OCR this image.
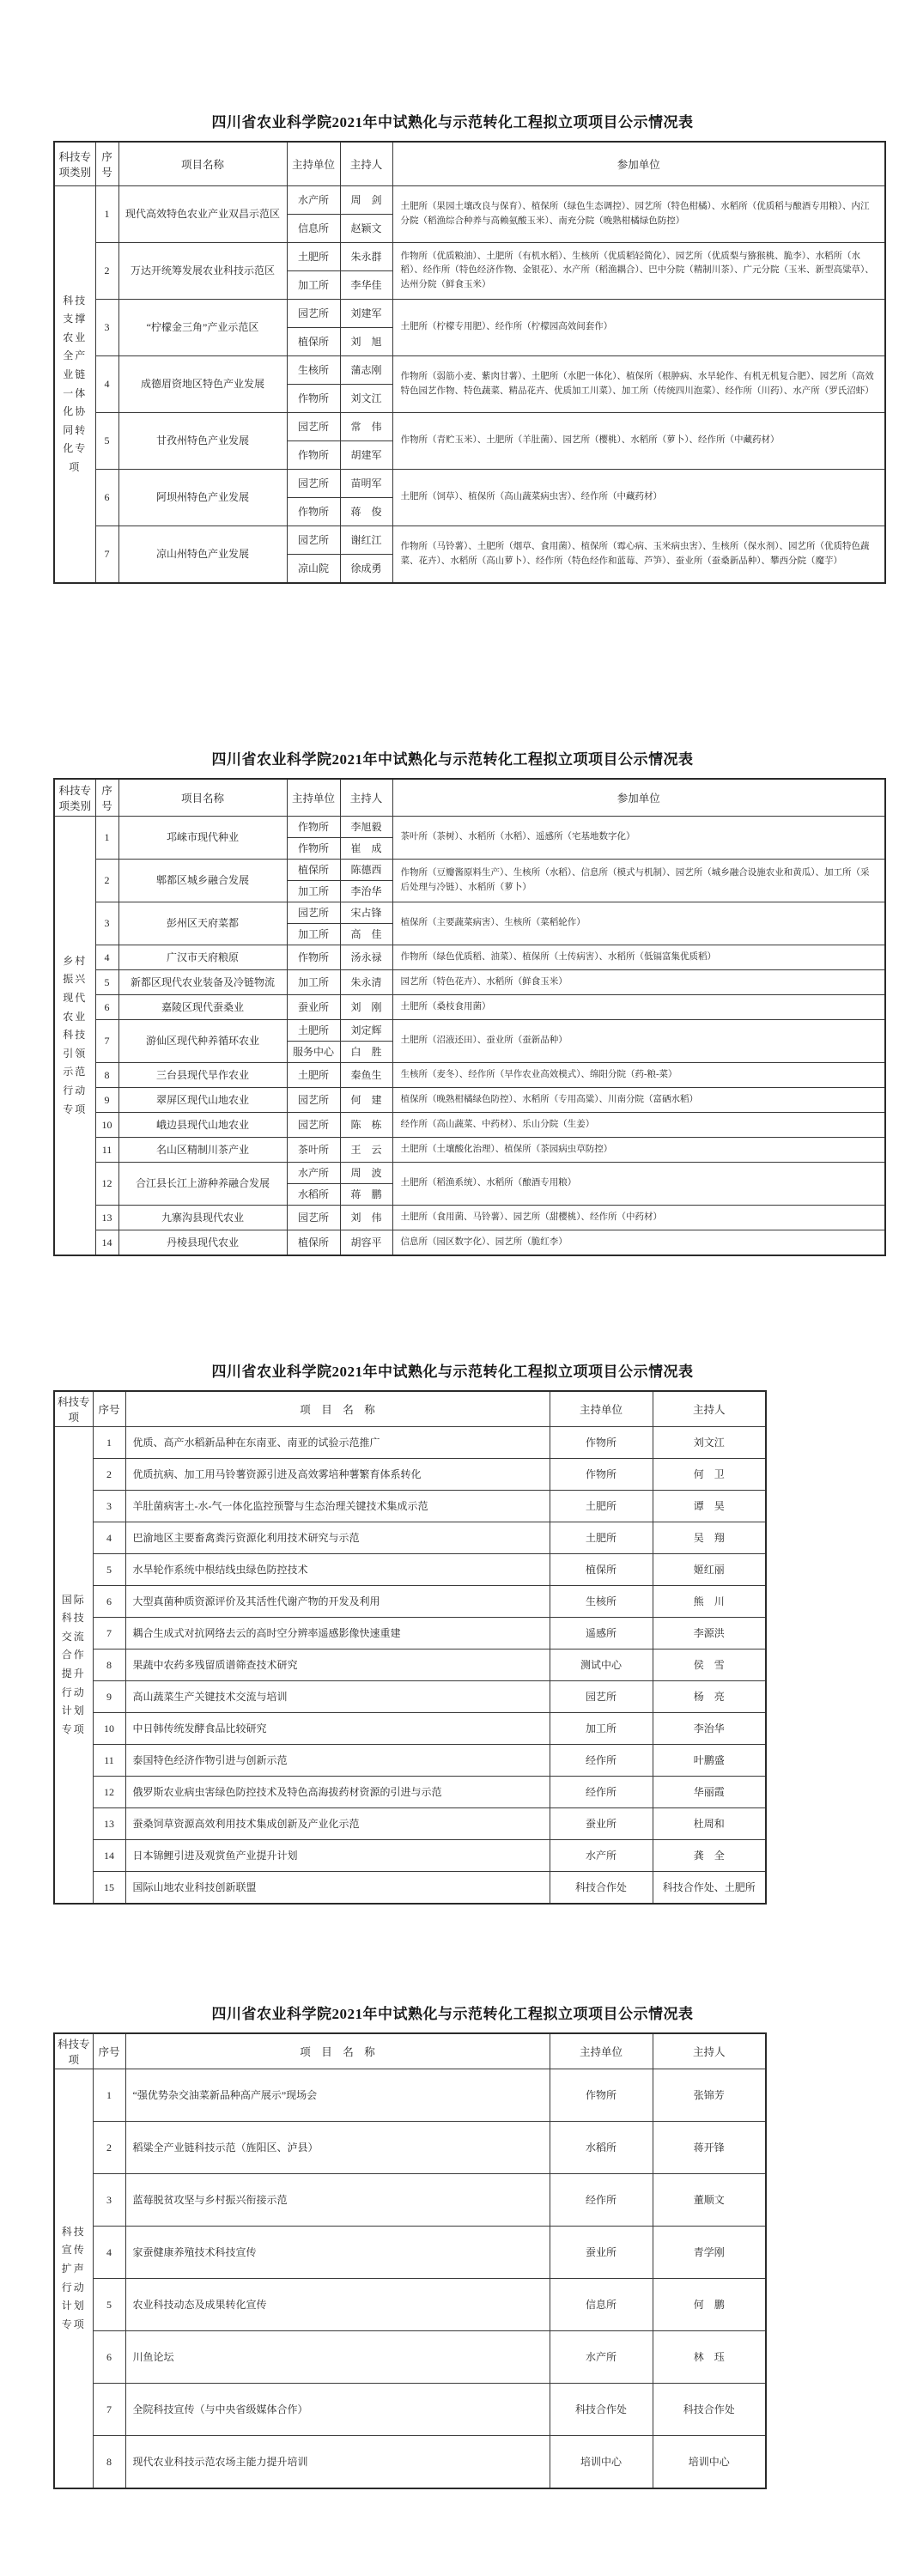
四川省农业科学院2021年中试熟化与示范转化工程拟立项项目公示情况表
科技专项类别	序号	项目名称	主持单位	主持人	参加单位
科技支撑农业全产业链一体化协同转化专项	1	现代高效特色农业产业双昌示范区	水产所	周　剑	土肥所（果园土壤改良与保育）、植保所（绿色生态调控）、园艺所（特色柑橘）、水稻所（优质稻与酿酒专用粮）、内江分院（稻渔综合种养与高赖氨酸玉米）、南充分院（晚熟柑橘绿色防控）
			信息所	赵颖文	
	2	万达开统筹发展农业科技示范区	土肥所	朱永群	作物所（优质粮油）、土肥所（有机水稻）、生核所（优质稻轻简化）、园艺所（优质梨与猕猴桃、脆李）、水稻所（水稻）、经作所（特色经济作物、金银花）、水产所（稻渔耦合）、巴中分院（精制川茶）、广元分院（玉米、新型高粱草）、达州分院（鲜食玉米）
			加工所	李华佳	
	3	“柠檬金三角”产业示范区	园艺所	刘建军	土肥所（柠檬专用肥）、经作所（柠檬园高效间套作）
			植保所	刘　旭	
	4	成德眉资地区特色产业发展	生核所	蒲志刚	作物所（弱筋小麦、紫肉甘薯）、土肥所（水肥一体化）、植保所（根肿病、水旱轮作、有机无机复合肥）、园艺所（高效特色园艺作物、特色蔬菜、精品花卉、优质加工川菜）、加工所（传统四川泡菜）、经作所（川药）、水产所（罗氏沼虾）
			作物所	刘文江	
	5	甘孜州特色产业发展	园艺所	常　伟	作物所（青贮玉米）、土肥所（羊肚菌）、园艺所（樱桃）、水稻所（萝卜）、经作所（中藏药材）
			作物所	胡建军	
	6	阿坝州特色产业发展	园艺所	苗明军	土肥所（饲草）、植保所（高山蔬菜病虫害）、经作所（中藏药材）
			作物所	蒋　俊	
	7	凉山州特色产业发展	园艺所	谢红江	作物所（马铃薯）、土肥所（烟草、食用菌）、植保所（霉心病、玉米病虫害）、生核所（保水剂）、园艺所（优质特色蔬菜、花卉）、水稻所（高山萝卜）、经作所（特色经作和蓝莓、芦笋）、蚕业所（蚕桑新品种）、攀西分院（魔芋）
			凉山院	徐成勇	
四川省农业科学院2021年中试熟化与示范转化工程拟立项项目公示情况表
科技专项类别	序号	项目名称	主持单位	主持人	参加单位
乡村振兴现代农业科技引领示范行动专项	1	邛崃市现代种业	作物所	李旭毅	茶叶所（茶树）、水稻所（水稻）、遥感所（宅基地数字化）
			作物所	崔　成	
	2	郫都区城乡融合发展	植保所	陈德西	作物所（豆瓣酱原料生产）、生核所（水稻）、信息所（模式与机制）、园艺所（城乡融合设施农业和黄瓜）、加工所（采后处理与冷链）、水稻所（萝卜）
			加工所	李治华	
	3	彭州区天府菜都	园艺所	宋占锋	植保所（主要蔬菜病害）、生核所（菜稻轮作）
			加工所	高　佳	
	4	广汉市天府粮原	作物所	汤永禄	作物所（绿色优质稻、油菜）、植保所（土传病害）、水稻所（低镉富集优质稻）
	5	新都区现代农业装备及冷链物流	加工所	朱永清	园艺所（特色花卉）、水稻所（鲜食玉米）
	6	嘉陵区现代蚕桑业	蚕业所	刘　刚	土肥所（桑枝食用菌）
	7	游仙区现代种养循环农业	土肥所	刘定辉	土肥所（沼液还田）、蚕业所（蚕新品种）
			服务中心	白　胜	
	8	三台县现代旱作农业	土肥所	秦鱼生	生核所（麦冬）、经作所（旱作农业高效模式）、绵阳分院（药-粮-菜）
	9	翠屏区现代山地农业	园艺所	何　建	植保所（晚熟柑橘绿色防控）、水稻所（专用高粱）、川南分院（富硒水稻）
	10	峨边县现代山地农业	园艺所	陈　栋	经作所（高山蔬菜、中药材）、乐山分院（生姜）
	11	名山区精制川茶产业	茶叶所	王　云	土肥所（土壤酸化治理）、植保所（茶园病虫草防控）
	12	合江县长江上游种养融合发展	水产所	周　波	土肥所（稻渔系统）、水稻所（酿酒专用粮）
			水稻所	蒋　鹏	
	13	九寨沟县现代农业	园艺所	刘　伟	土肥所（食用菌、马铃薯）、园艺所（甜樱桃）、经作所（中药材）
	14	丹棱县现代农业	植保所	胡容平	信息所（园区数字化）、园艺所（脆红李）
四川省农业科学院2021年中试熟化与示范转化工程拟立项项目公示情况表
科技专项	序号	项　目　名　称	主持单位	主持人
国际科技交流合作提升行动计划专项	1	优质、高产水稻新品种在东南亚、南亚的试验示范推广	作物所	刘文江
	2	优质抗病、加工用马铃薯资源引进及高效雾培种薯繁育体系转化	作物所	何　卫
	3	羊肚菌病害土-水-气一体化监控预警与生态治理关键技术集成示范	土肥所	谭　昊
	4	巴渝地区主要畜禽粪污资源化利用技术研究与示范	土肥所	吴　翔
	5	水旱轮作系统中根结线虫绿色防控技术	植保所	姬红丽
	6	大型真菌种质资源评价及其活性代谢产物的开发及利用	生核所	熊　川
	7	耦合生成式对抗网络去云的高时空分辨率遥感影像快速重建	遥感所	李源洪
	8	果蔬中农药多残留质谱筛查技术研究	测试中心	侯　雪
	9	高山蔬菜生产关键技术交流与培训	园艺所	杨　亮
	10	中日韩传统发酵食品比较研究	加工所	李治华
	11	泰国特色经济作物引进与创新示范	经作所	叶鹏盛
	12	俄罗斯农业病虫害绿色防控技术及特色高海拔药材资源的引进与示范	经作所	华丽霞
	13	蚕桑饲草资源高效利用技术集成创新及产业化示范	蚕业所	杜周和
	14	日本锦鲤引进及观赏鱼产业提升计划	水产所	龚　全
	15	国际山地农业科技创新联盟	科技合作处	科技合作处、土肥所
四川省农业科学院2021年中试熟化与示范转化工程拟立项项目公示情况表
科技专项	序号	项　目　名　称	主持单位	主持人
科技宣传扩声行动计划专项	1	“强优势杂交油菜新品种高产展示”现场会	作物所	张锦芳
	2	稻粱全产业链科技示范（旌阳区、泸县）	水稻所	蒋开锋
	3	蓝莓脱贫攻坚与乡村振兴衔接示范	经作所	董顺文
	4	家蚕健康养殖技术科技宣传	蚕业所	青学刚
	5	农业科技动态及成果转化宣传	信息所	何　鹏
	6	川鱼论坛	水产所	林　珏
	7	全院科技宣传（与中央省级媒体合作）	科技合作处	科技合作处
	8	现代农业科技示范农场主能力提升培训	培训中心	培训中心
